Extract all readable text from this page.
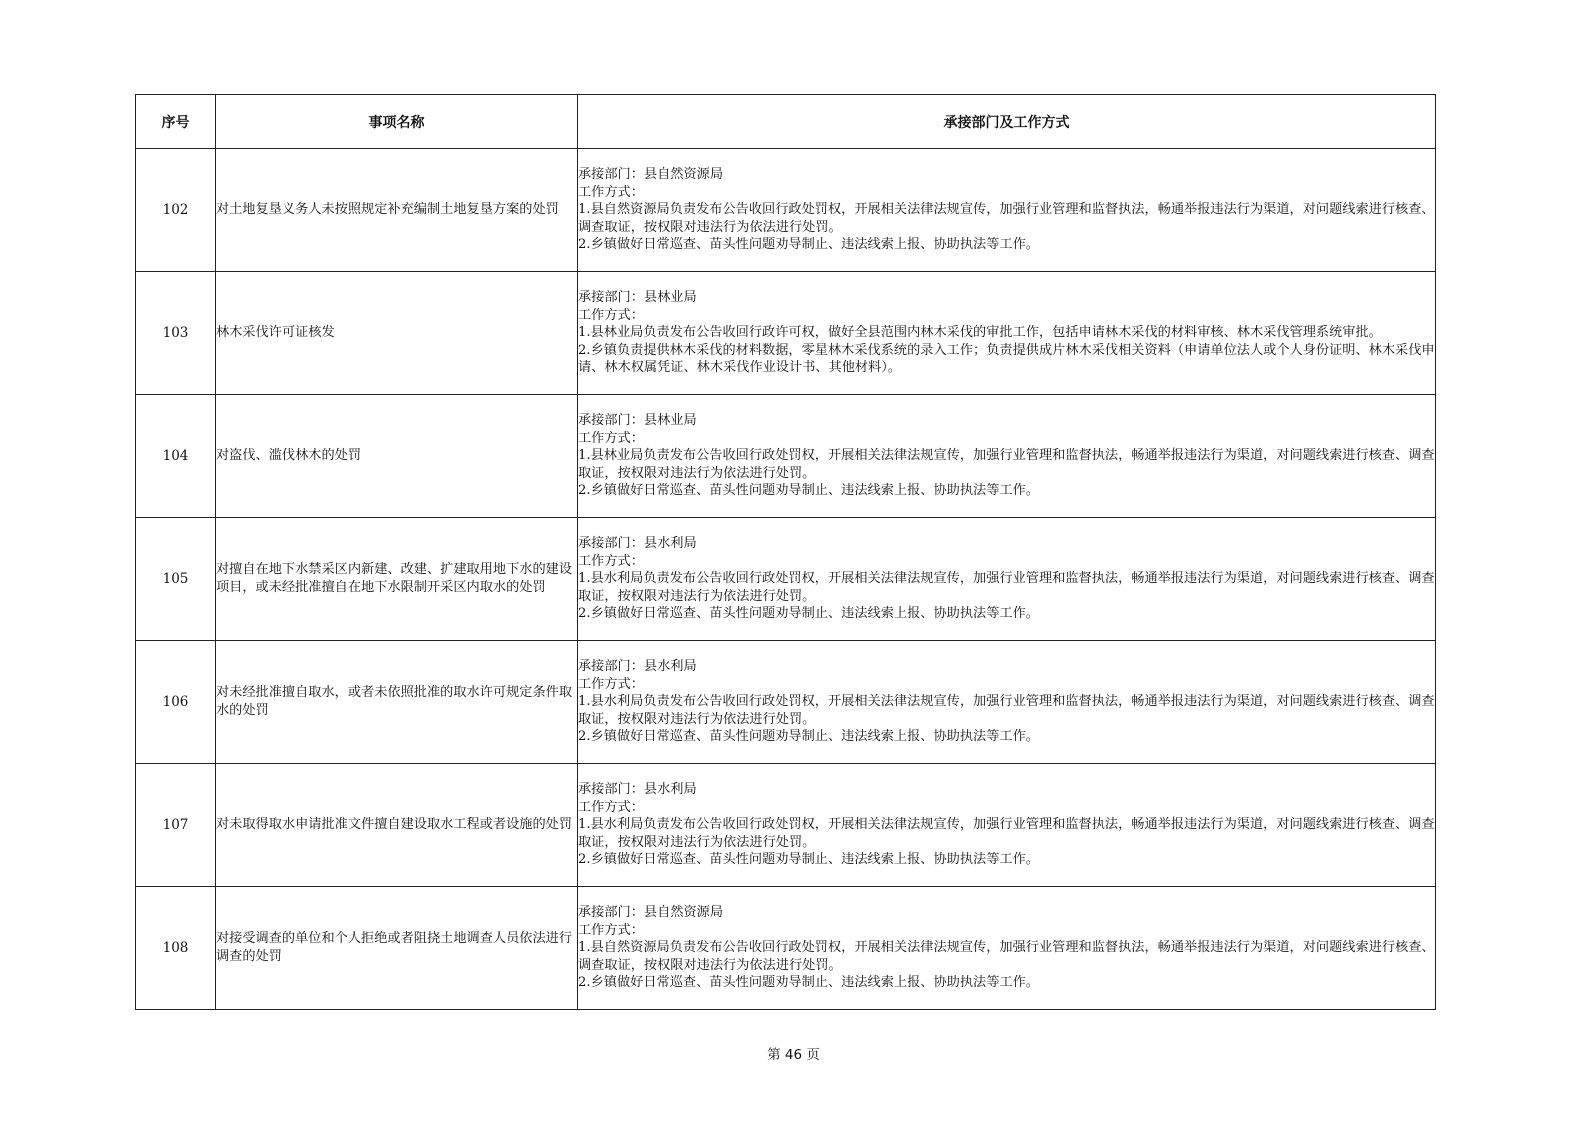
序号	事项名称	承接部门及工作方式
102	对土地复垦义务人未按照规定补充编制土地复垦方案的处罚	承接部门：县自然资源局
工作方式：
1.县自然资源局负责发布公告收回行政处罚权，开展相关法律法规宣传，加强行业管理和监督执法，畅通举报违法行为渠道，对问题线索进行核查、调查取证，按权限对违法行为依法进行处罚。
2.乡镇做好日常巡查、苗头性问题劝导制止、违法线索上报、协助执法等工作。

103	林木采伐许可证核发	承接部门：县林业局
工作方式：
1.县林业局负责发布公告收回行政许可权，做好全县范围内林木采伐的审批工作，包括申请林木采伐的材料审核、林木采伐管理系统审批。
2.乡镇负责提供林木采伐的材料数据，零星林木采伐系统的录入工作；负责提供成片林木采伐相关资料（申请单位法人或个人身份证明、林木采伐申请、林木权属凭证、林木采伐作业设计书、其他材料）。

104	对盗伐、滥伐林木的处罚	承接部门：县林业局
工作方式：
1.县林业局负责发布公告收回行政处罚权，开展相关法律法规宣传，加强行业管理和监督执法，畅通举报违法行为渠道，对问题线索进行核查、调查取证，按权限对违法行为依法进行处罚。
2.乡镇做好日常巡查、苗头性问题劝导制止、违法线索上报、协助执法等工作。

105	对擅自在地下水禁采区内新建、改建、扩建取用地下水的建设项目，或未经批准擅自在地下水限制开采区内取水的处罚	承接部门：县水利局
工作方式：
1.县水利局负责发布公告收回行政处罚权，开展相关法律法规宣传，加强行业管理和监督执法，畅通举报违法行为渠道，对问题线索进行核查、调查取证，按权限对违法行为依法进行处罚。
2.乡镇做好日常巡查、苗头性问题劝导制止、违法线索上报、协助执法等工作。

106	对未经批准擅自取水，或者未依照批准的取水许可规定条件取水的处罚	承接部门：县水利局
工作方式：
1.县水利局负责发布公告收回行政处罚权，开展相关法律法规宣传，加强行业管理和监督执法，畅通举报违法行为渠道，对问题线索进行核查、调查取证，按权限对违法行为依法进行处罚。
2.乡镇做好日常巡查、苗头性问题劝导制止、违法线索上报、协助执法等工作。

107	对未取得取水申请批准文件擅自建设取水工程或者设施的处罚	承接部门：县水利局
工作方式：
1.县水利局负责发布公告收回行政处罚权，开展相关法律法规宣传，加强行业管理和监督执法，畅通举报违法行为渠道，对问题线索进行核查、调查取证，按权限对违法行为依法进行处罚。
2.乡镇做好日常巡查、苗头性问题劝导制止、违法线索上报、协助执法等工作。

108	对接受调查的单位和个人拒绝或者阻挠土地调查人员依法进行调查的处罚	承接部门：县自然资源局
工作方式：
1.县自然资源局负责发布公告收回行政处罚权，开展相关法律法规宣传，加强行业管理和监督执法，畅通举报违法行为渠道，对问题线索进行核查、调查取证，按权限对违法行为依法进行处罚。
2.乡镇做好日常巡查、苗头性问题劝导制止、违法线索上报、协助执法等工作。
第 46 页
